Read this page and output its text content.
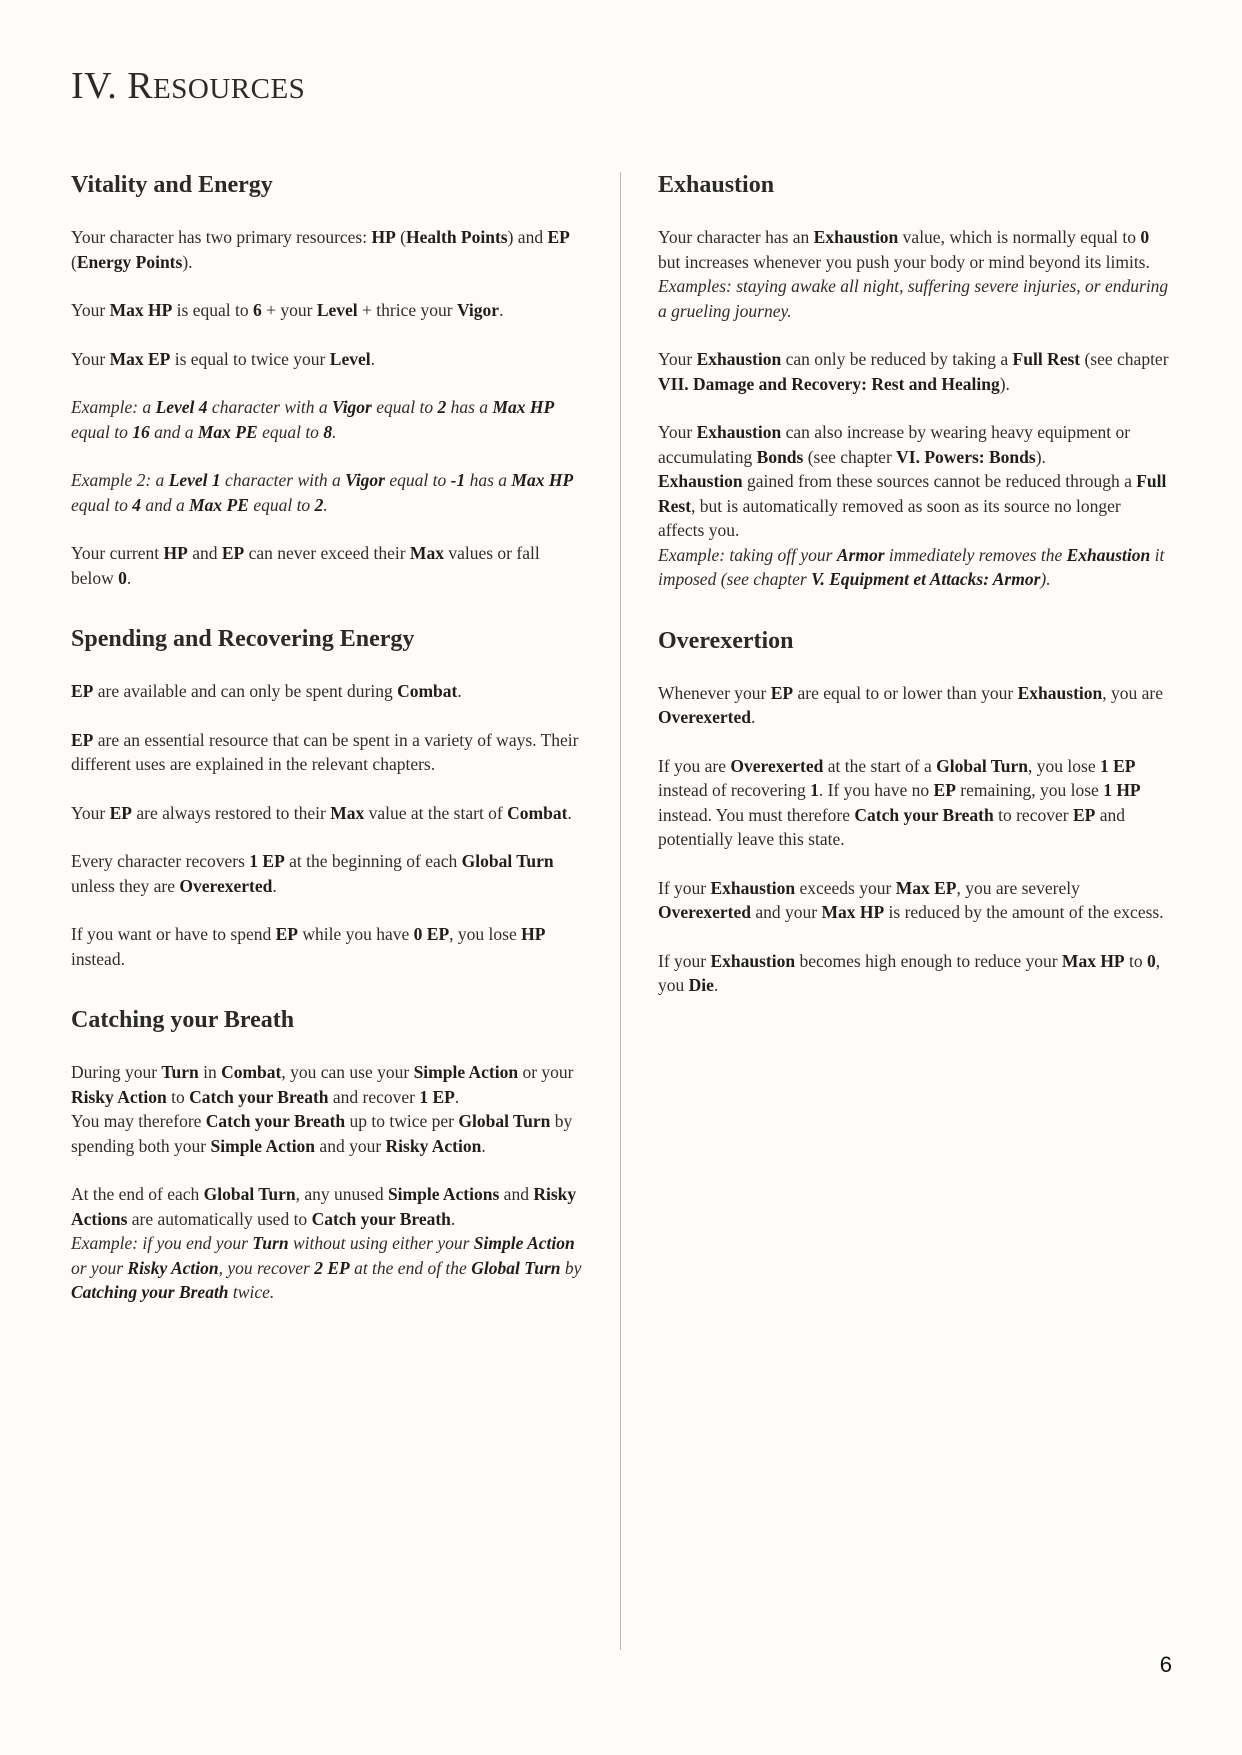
IV. RESOURCES
Vitality and Energy

Your character has two primary resources: HP (Health Points) and EP (Energy Points).

Your Max HP is equal to 6 + your Level + thrice your Vigor.

Your Max EP is equal to twice your Level.

Example: a Level 4 character with a Vigor equal to 2 has a Max HP equal to 16 and a Max PE equal to 8.

Example 2: a Level 1 character with a Vigor equal to -1 has a Max HP equal to 4 and a Max PE equal to 2.

Your current HP and EP can never exceed their Max values or fall below 0.

Spending and Recovering Energy

EP are available and can only be spent during Combat.

EP are an essential resource that can be spent in a variety of ways. Their different uses are explained in the relevant chapters.

Your EP are always restored to their Max value at the start of Combat.

Every character recovers 1 EP at the beginning of each Global Turn unless they are Overexerted.

If you want or have to spend EP while you have 0 EP, you lose HP instead.

Catching your Breath

During your Turn in Combat, you can use your Simple Action or your Risky Action to Catch your Breath and recover 1 EP.

You may therefore Catch your Breath up to twice per Global Turn by spending both your Simple Action and your Risky Action.

At the end of each Global Turn, any unused Simple Actions and Risky Actions are automatically used to Catch your Breath.

Example: if you end your Turn without using either your Simple Action or your Risky Action, you recover 2 EP at the end of the Global Turn by Catching your Breath twice.

Exhaustion

Your character has an Exhaustion value, which is normally equal to 0 but increases whenever you push your body or mind beyond its limits.
Examples: staying awake all night, suffering severe injuries, or enduring a grueling journey.

Your Exhaustion can only be reduced by taking a Full Rest (see chapter VII. Damage and Recovery: Rest and Healing).

Your Exhaustion can also increase by wearing heavy equipment or accumulating Bonds (see chapter VI. Powers: Bonds).

Exhaustion gained from these sources cannot be reduced through a Full Rest, but is automatically removed as soon as its source no longer affects you.

Example: taking off your Armor immediately removes the Exhaustion it imposed (see chapter V. Equipment et Attacks: Armor).

Overexertion

Whenever your EP are equal to or lower than your Exhaustion, you are Overexerted.

If you are Overexerted at the start of a Global Turn, you lose 1 EP instead of recovering 1. If you have no EP remaining, you lose 1 HP instead. You must therefore Catch your Breath to recover EP and potentially leave this state.

If your Exhaustion exceeds your Max EP, you are severely Overexerted and your Max HP is reduced by the amount of the excess.

If your Exhaustion becomes high enough to reduce your Max HP to 0, you Die.

6
